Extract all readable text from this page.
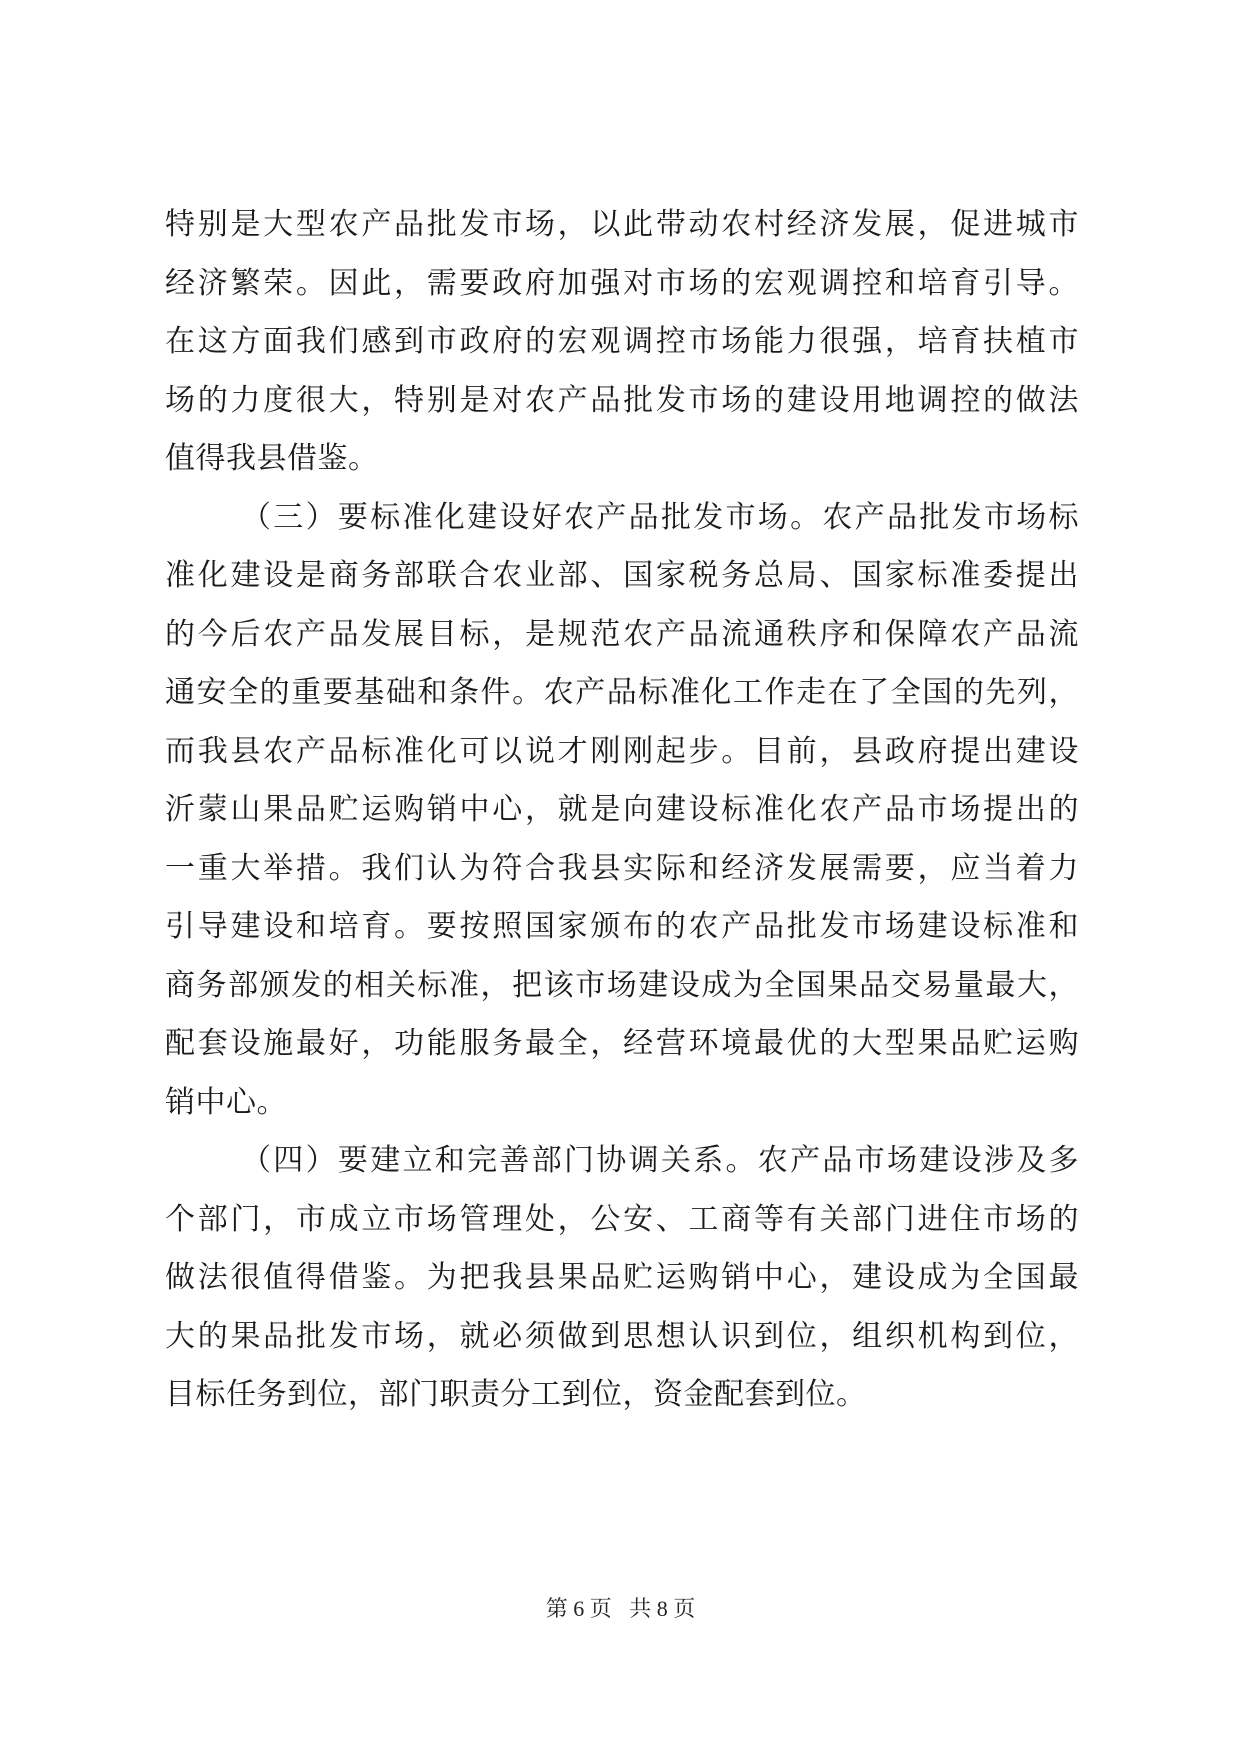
特别是大型农产品批发市场，以此带动农村经济发展，促进城市
经济繁荣。因此，需要政府加强对市场的宏观调控和培育引导。
在这方面我们感到市政府的宏观调控市场能力很强，培育扶植市
场的力度很大，特别是对农产品批发市场的建设用地调控的做法
值得我县借鉴。
（三）要标准化建设好农产品批发市场。农产品批发市场标
准化建设是商务部联合农业部、国家税务总局、国家标准委提出
的今后农产品发展目标，是规范农产品流通秩序和保障农产品流
通安全的重要基础和条件。农产品标准化工作走在了全国的先列，
而我县农产品标准化可以说才刚刚起步。目前，县政府提出建设
沂蒙山果品贮运购销中心，就是向建设标准化农产品市场提出的
一重大举措。我们认为符合我县实际和经济发展需要，应当着力
引导建设和培育。要按照国家颁布的农产品批发市场建设标准和
商务部颁发的相关标准，把该市场建设成为全国果品交易量最大，
配套设施最好，功能服务最全，经营环境最优的大型果品贮运购
销中心。
（四）要建立和完善部门协调关系。农产品市场建设涉及多
个部门，市成立市场管理处，公安、工商等有关部门进住市场的
做法很值得借鉴。为把我县果品贮运购销中心，建设成为全国最
大的果品批发市场，就必须做到思想认识到位，组织机构到位，
目标任务到位，部门职责分工到位，资金配套到位。
第 6 页 共 8 页
